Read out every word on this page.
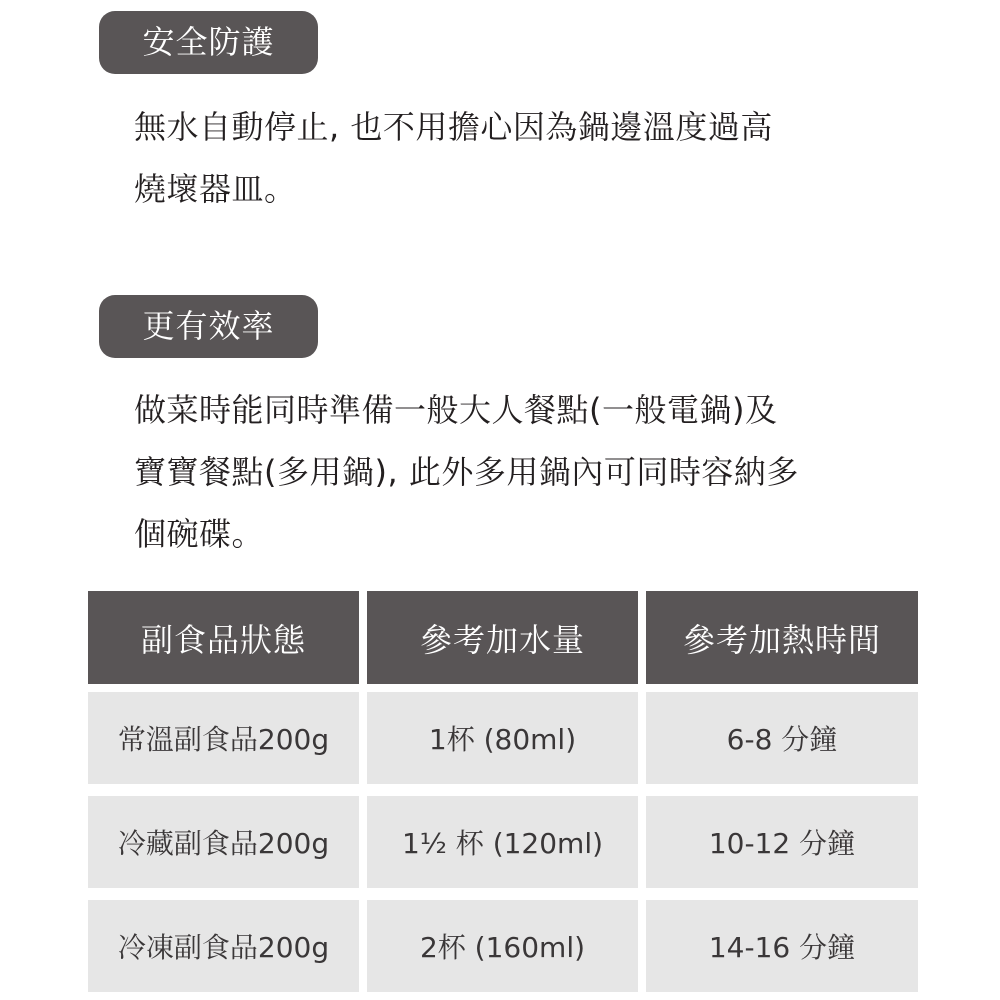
安全防護
無水自動停止, 也不用擔心因為鍋邊溫度過高
燒壞器皿。
更有效率
做菜時能同時準備一般大人餐點(一般電鍋)及
寶寶餐點(多用鍋), 此外多用鍋內可同時容納多
個碗碟。
副食品狀態	參考加水量	參考加熱時間
常溫副食品200g	1杯 (80ml)	6-8 分鐘
冷藏副食品200g	1½ 杯 (120ml)	10-12 分鐘
冷凍副食品200g	2杯 (160ml)	14-16 分鐘
